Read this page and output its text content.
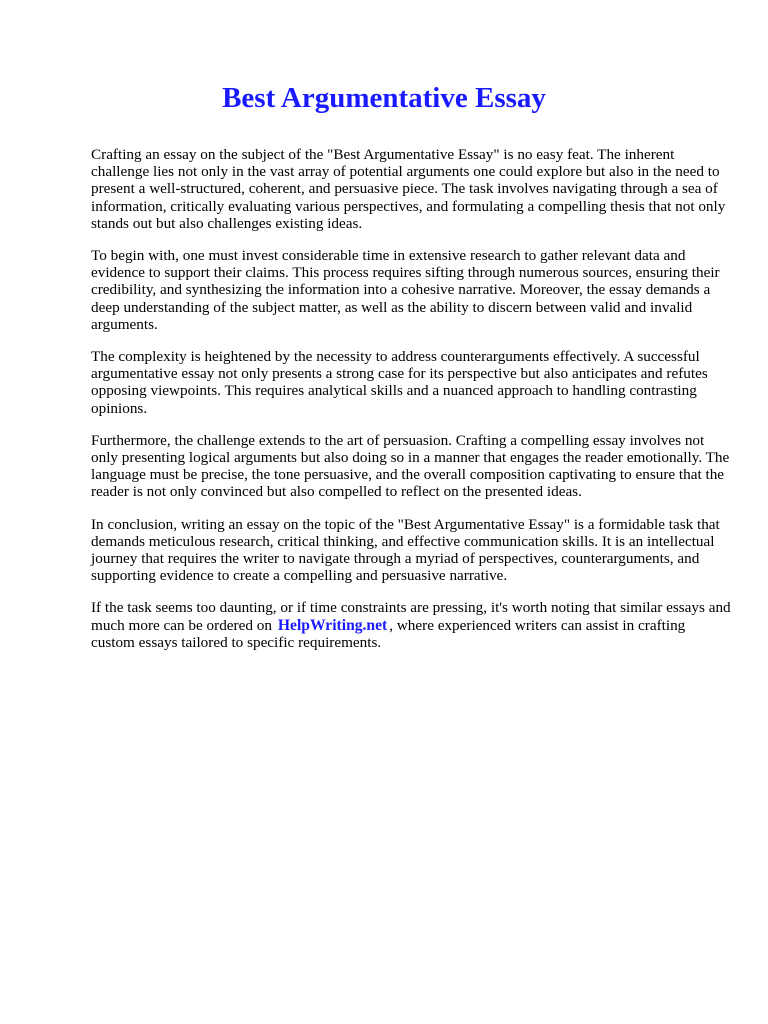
Best Argumentative Essay

Crafting an essay on the subject of the "Best Argumentative Essay" is no easy feat. The inherent challenge lies not only in the vast array of potential arguments one could explore but also in the need to present a well-structured, coherent, and persuasive piece. The task involves navigating through a sea of information, critically evaluating various perspectives, and formulating a compelling thesis that not only stands out but also challenges existing ideas.

To begin with, one must invest considerable time in extensive research to gather relevant data and evidence to support their claims. This process requires sifting through numerous sources, ensuring their credibility, and synthesizing the information into a cohesive narrative. Moreover, the essay demands a deep understanding of the subject matter, as well as the ability to discern between valid and invalid arguments.

The complexity is heightened by the necessity to address counterarguments effectively. A successful argumentative essay not only presents a strong case for its perspective but also anticipates and refutes opposing viewpoints. This requires analytical skills and a nuanced approach to handling contrasting opinions.

Furthermore, the challenge extends to the art of persuasion. Crafting a compelling essay involves not only presenting logical arguments but also doing so in a manner that engages the reader emotionally. The language must be precise, the tone persuasive, and the overall composition captivating to ensure that the reader is not only convinced but also compelled to reflect on the presented ideas.

In conclusion, writing an essay on the topic of the "Best Argumentative Essay" is a formidable task that demands meticulous research, critical thinking, and effective communication skills. It is an intellectual journey that requires the writer to navigate through a myriad of perspectives, counterarguments, and supporting evidence to create a compelling and persuasive narrative.

If the task seems too daunting, or if time constraints are pressing, it's worth noting that similar essays and much more can be ordered on HelpWriting.net , where experienced writers can assist in crafting custom essays tailored to specific requirements.
